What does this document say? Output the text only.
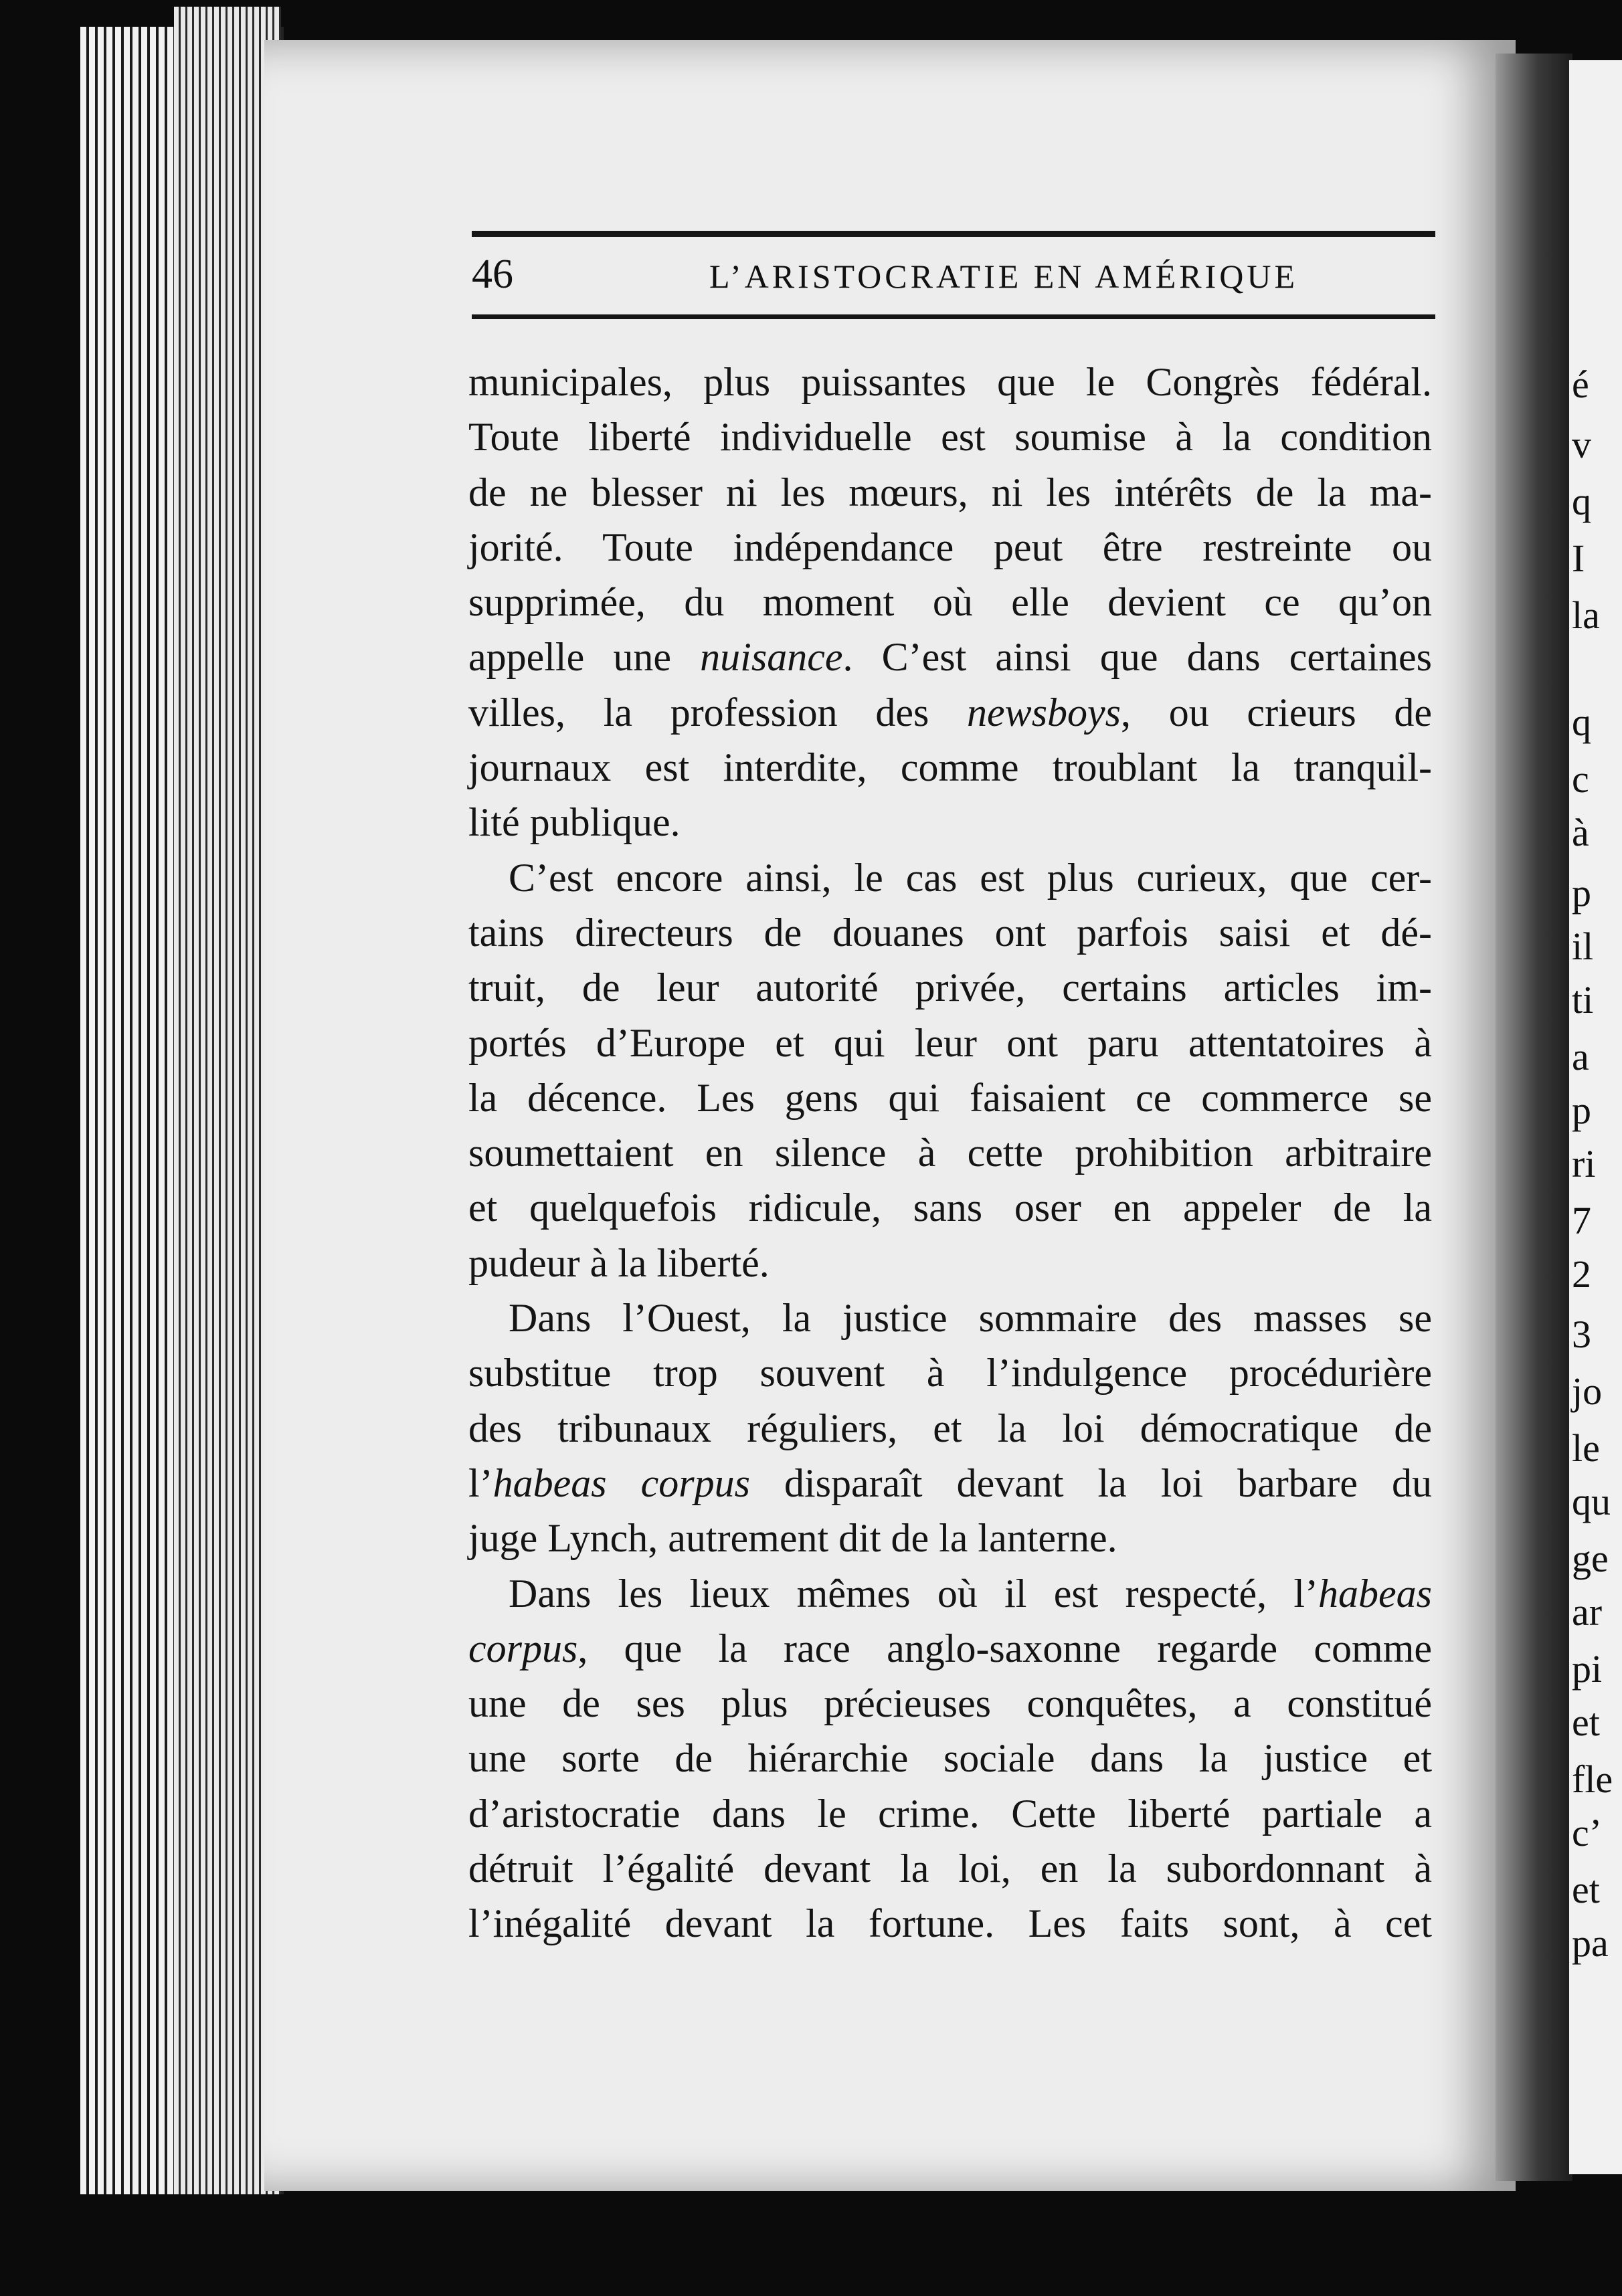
é
v
q
I
la
q
c
à
p
il
ti
a
p
ri
7
2
3
jo
le
qu
ge
ar
pi
et
fle
c’
et
pa
46	L’ARISTOCRATIE EN AMÉRIQUE
municipales, plus puissantes que le Congrès fédéral.
Toute liberté individuelle est soumise à la condition
de ne blesser ni les mœurs, ni les intérêts de la ma-
jorité. Toute indépendance peut être restreinte ou
supprimée, du moment où elle devient ce qu’on
appelle une nuisance. C’est ainsi que dans certaines
villes, la profession des newsboys, ou crieurs de
journaux est interdite, comme troublant la tranquil-
lité publique.
C’est encore ainsi, le cas est plus curieux, que cer-
tains directeurs de douanes ont parfois saisi et dé-
truit, de leur autorité privée, certains articles im-
portés d’Europe et qui leur ont paru attentatoires à
la décence. Les gens qui faisaient ce commerce se
soumettaient en silence à cette prohibition arbitraire
et quelquefois ridicule, sans oser en appeler de la
pudeur à la liberté.
Dans l’Ouest, la justice sommaire des masses se
substitue trop souvent à l’indulgence procédurière
des tribunaux réguliers, et la loi démocratique de
l’habeas corpus disparaît devant la loi barbare du
juge Lynch, autrement dit de la lanterne.
Dans les lieux mêmes où il est respecté, l’habeas
corpus, que la race anglo-saxonne regarde comme
une de ses plus précieuses conquêtes, a constitué
une sorte de hiérarchie sociale dans la justice et
d’aristocratie dans le crime. Cette liberté partiale a
détruit l’égalité devant la loi, en la subordonnant à
l’inégalité devant la fortune. Les faits sont, à cet
